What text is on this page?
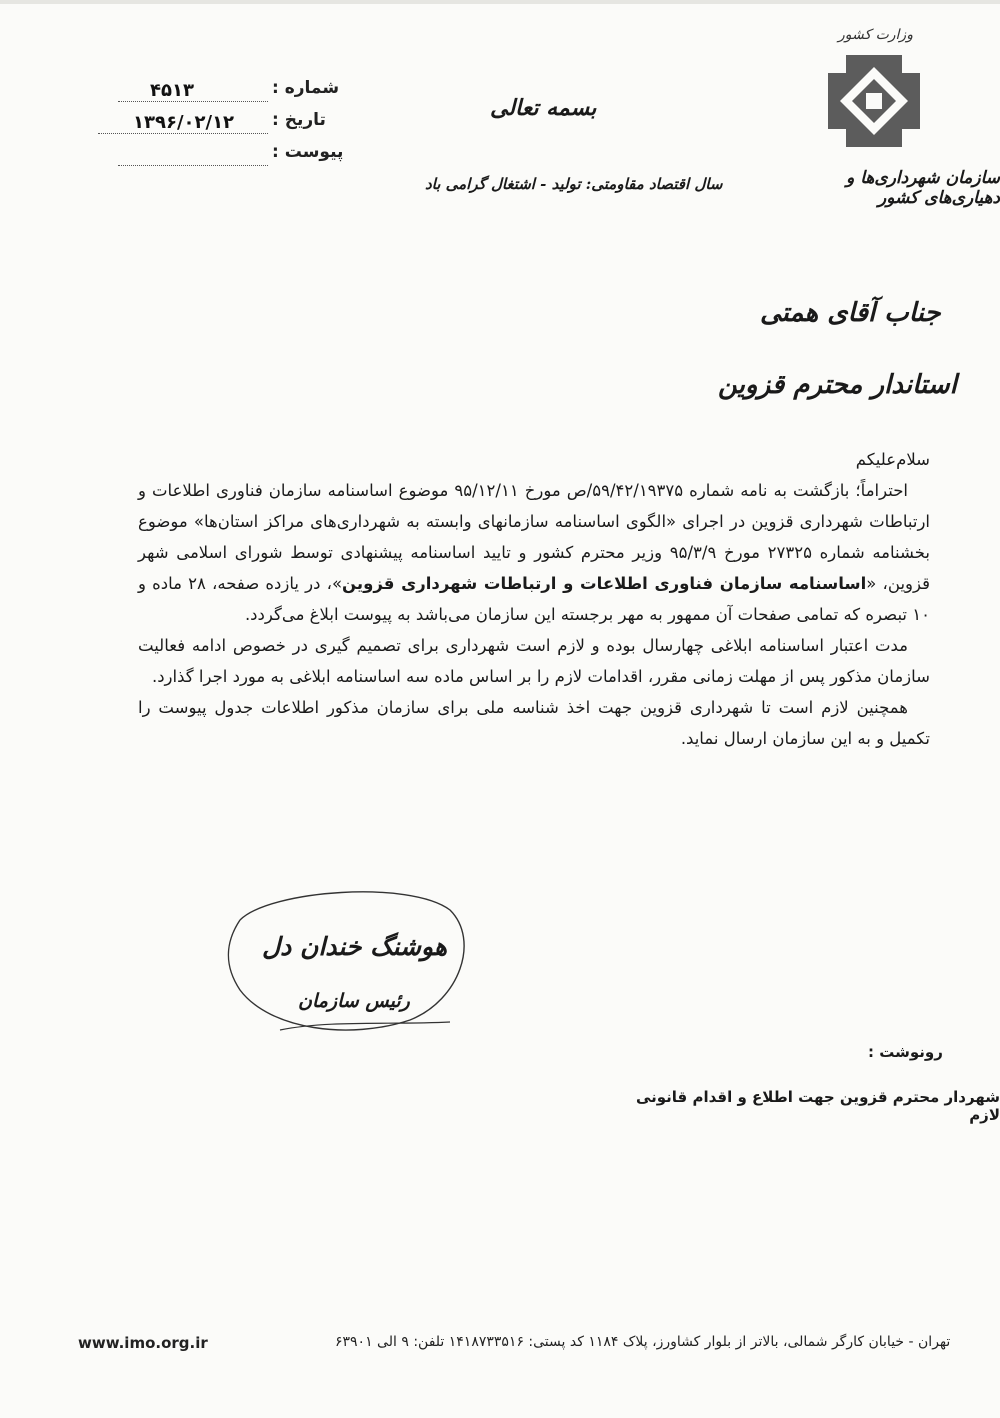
شماره :
۴۵۱۳
تاریخ :
۱۳۹۶/۰۲/۱۲
پیوست :
بسمه تعالی
سال اقتصاد مقاومتی: تولید - اشتغال گرامی باد
وزارت کشور
سازمان شهرداری‌ها و دهیاری‌های کشور
جناب آقای همتی
استاندار محترم قزوین

سلام‌علیکم

احتراماً؛ بازگشت به نامه شماره ۵۹/۴۲/۱۹۳۷۵/ص مورخ ۹۵/۱۲/۱۱ موضوع اساسنامه سازمان فناوری اطلاعات و ارتباطات شهرداری قزوین در اجرای «الگوی اساسنامه سازمانهای وابسته به شهرداری‌های مراکز استان‌ها» موضوع بخشنامه شماره ۲۷۳۲۵ مورخ ۹۵/۳/۹ وزیر محترم کشور و تایید اساسنامه پیشنهادی توسط شورای اسلامی شهر قزوین، «اساسنامه سازمان فناوری اطلاعات و ارتباطات شهرداری قزوین»، در یازده صفحه، ۲۸ ماده و ۱۰ تبصره که تمامی صفحات آن ممهور به مهر برجسته این سازمان می‌باشد به پیوست ابلاغ می‌گردد.

مدت اعتبار اساسنامه ابلاغی چهارسال بوده و لازم است شهرداری برای تصمیم گیری در خصوص ادامه فعالیت سازمان مذکور پس از مهلت زمانی مقرر، اقدامات لازم را بر اساس ماده سه اساسنامه ابلاغی به مورد اجرا گذارد.

همچنین لازم است تا شهرداری قزوین جهت اخذ شناسه ملی برای سازمان مذکور اطلاعات جدول پیوست را تکمیل و به این سازمان ارسال نماید.

هوشنگ خندان دل
رئیس سازمان
رونوشت :
شهردار محترم قزوین جهت اطلاع و اقدام قانونی لازم
تهران - خیابان کارگر شمالی، بالاتر از بلوار کشاورز، پلاک ۱۱۸۴ کد پستی: ۱۴۱۸۷۳۳۵۱۶ تلفن: ۹ الی ۶۳۹۰۱
www.imo.org.ir
